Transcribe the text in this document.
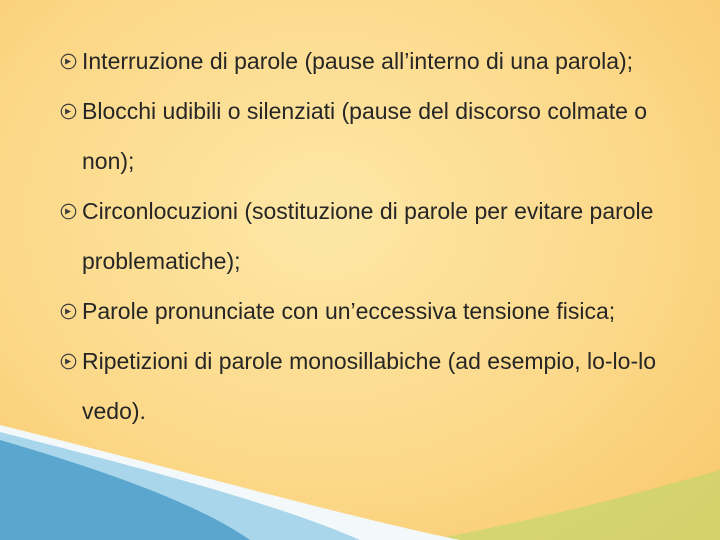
Interruzione di parole (pause all’interno di una parola);
Blocchi udibili o silenziati (pause del discorso colmate o non);
Circonlocuzioni (sostituzione di parole per evitare parole problematiche);
Parole pronunciate con un’eccessiva tensione fisica;
Ripetizioni di parole monosillabiche (ad esempio, lo-lo-lo vedo).
